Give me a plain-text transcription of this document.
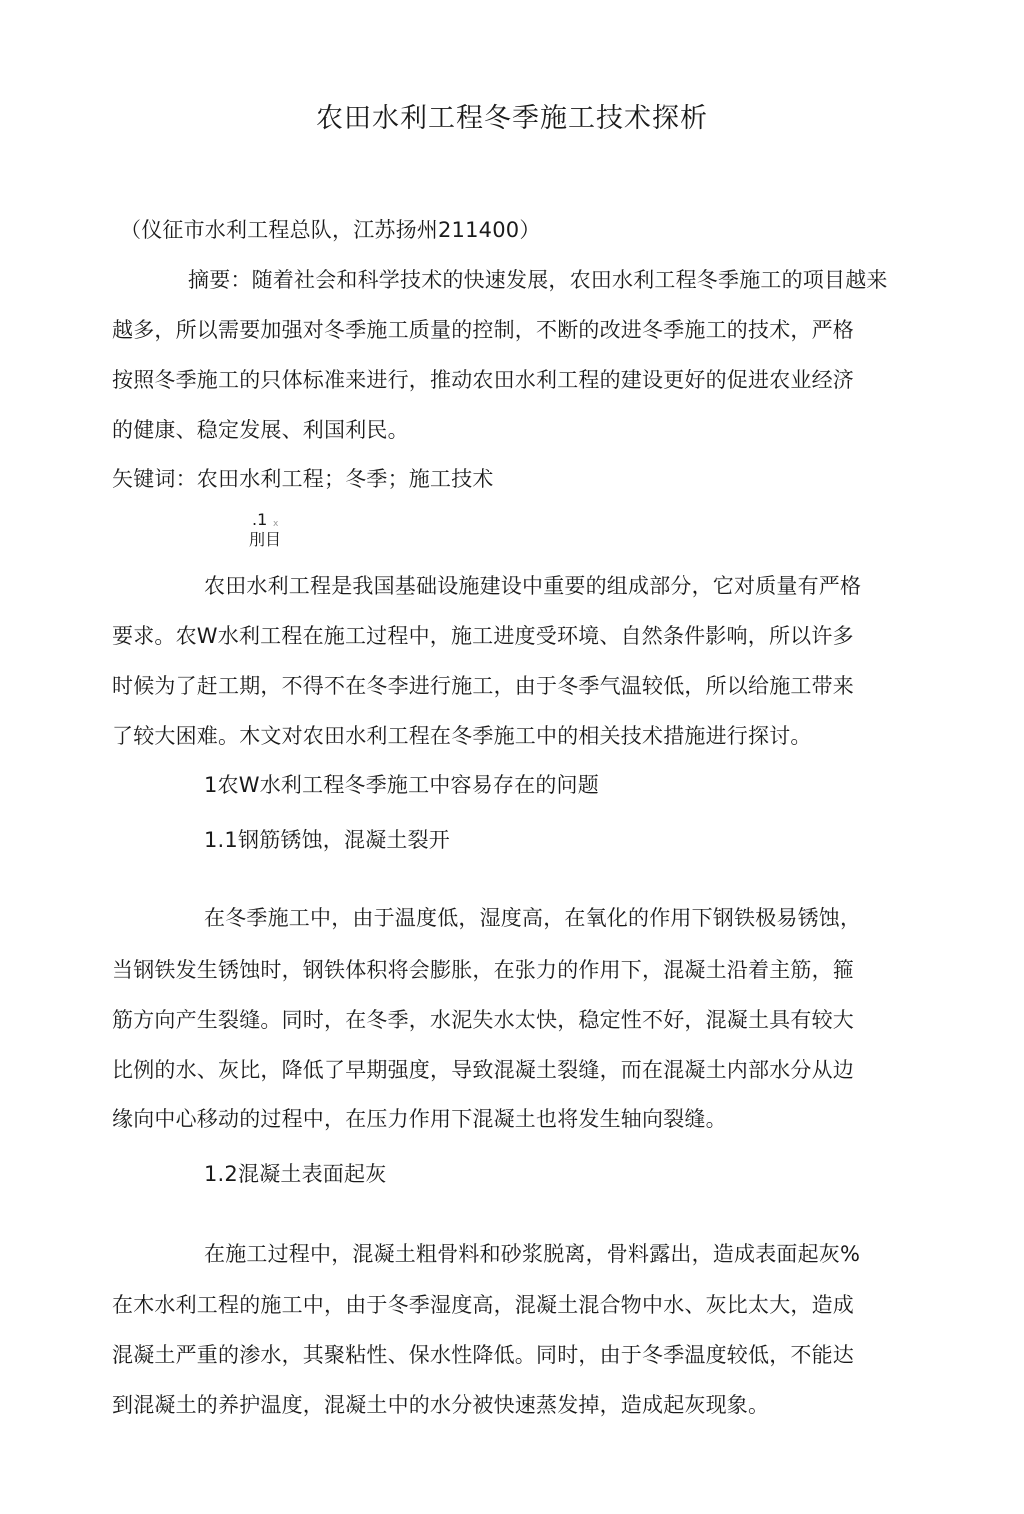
农田水利工程冬季施工技术探析
（仪征市水利工程总队，江苏扬州211400）
摘要：随着社会和科学技术的快速发展，农田水利工程冬季施工的项目越来
越多，所以需要加强对冬季施工质量的控制，不断的改进冬季施工的技术，严格
按照冬季施工的只体标准来进行，推动农田水利工程的建设更好的促进农业经济
的健康、稳定发展、利国利民。
矢键词：农田水利工程；冬季；施工技术
.1 x
刖目
农田水利工程是我国基础设施建设中重要的组成部分，它对质量有严格
要求。农W水利工程在施工过程中，施工进度受环境、自然条件影响，所以许多
时候为了赶工期，不得不在冬李进行施工，由于冬季气温较低，所以给施工带来
了较大困难。木文对农田水利工程在冬季施工中的相关技术措施进行探讨。
1农W水利工程冬季施工中容易存在的问题
1.1钢筋锈蚀，混凝土裂开
在冬季施工中，由于温度低，湿度高，在氧化的作用下钢铁极易锈蚀，
当钢铁发生锈蚀时，钢铁体积将会膨胀，在张力的作用下，混凝土沿着主筋，箍
筋方向产生裂缝。同时，在冬季，水泥失水太快，稳定性不好，混凝土具有较大
比例的水、灰比，降低了早期强度，导致混凝土裂缝，而在混凝土内部水分从边
缘向中心移动的过程中，在压力作用下混凝土也将发生轴向裂缝。
1.2混凝土表面起灰
在施工过程中，混凝土粗骨料和砂浆脱离，骨料露出，造成表面起灰%
在木水利工程的施工中，由于冬季湿度高，混凝土混合物中水、灰比太大，造成
混凝土严重的渗水，其聚粘性、保水性降低。同时，由于冬季温度较低，不能达
到混凝土的养护温度，混凝土中的水分被快速蒸发掉，造成起灰现象。
